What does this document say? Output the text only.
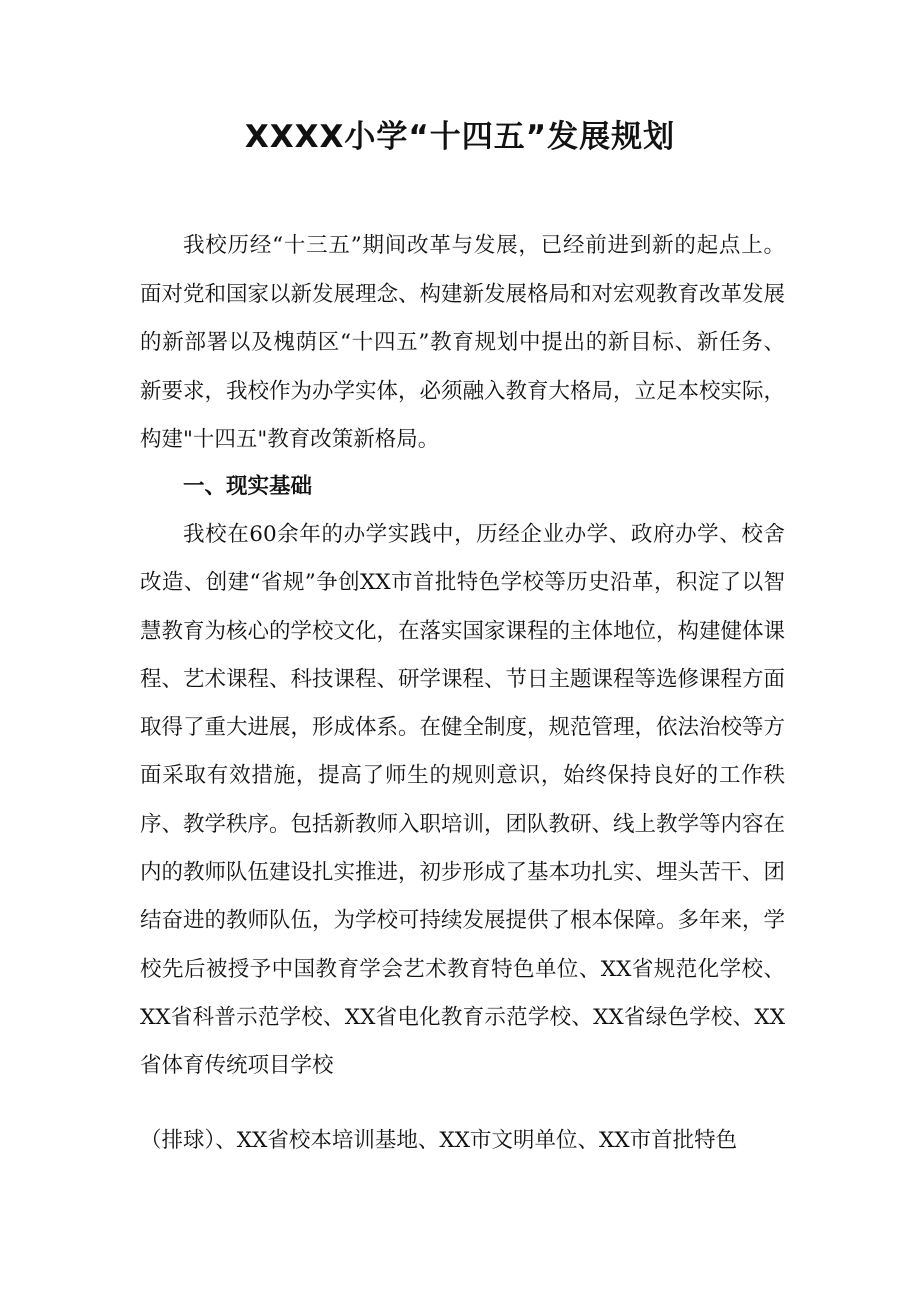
XXXX小学“十四五”发展规划

我校历经“十三五”期间改革与发展，已经前进到新的起点上。面对党和国家以新发展理念、构建新发展格局和对宏观教育改革发展的新部署以及槐荫区“十四五”教育规划中提出的新目标、新任务、新要求，我校作为办学实体，必须融入教育大格局，立足本校实际，构建"十四五"教育改策新格局。

一、现实基础

我校在60余年的办学实践中，历经企业办学、政府办学、校舍改造、创建“省规”争创XX市首批特色学校等历史沿革，积淀了以智慧教育为核心的学校文化，在落实国家课程的主体地位，构建健体课程、艺术课程、科技课程、研学课程、节日主题课程等选修课程方面取得了重大进展，形成体系。在健全制度，规范管理，依法治校等方面采取有效措施，提高了师生的规则意识，始终保持良好的工作秩序、教学秩序。包括新教师入职培训，团队教研、线上教学等内容在内的教师队伍建设扎实推进，初步形成了基本功扎实、埋头苦干、团结奋进的教师队伍，为学校可持续发展提供了根本保障。多年来，学校先后被授予中国教育学会艺术教育特色单位、XX省规范化学校、XX省科普示范学校、XX省电化教育示范学校、XX省绿色学校、XX省体育传统项目学校

（排球）、XX省校本培训基地、XX市文明单位、XX市首批特色
